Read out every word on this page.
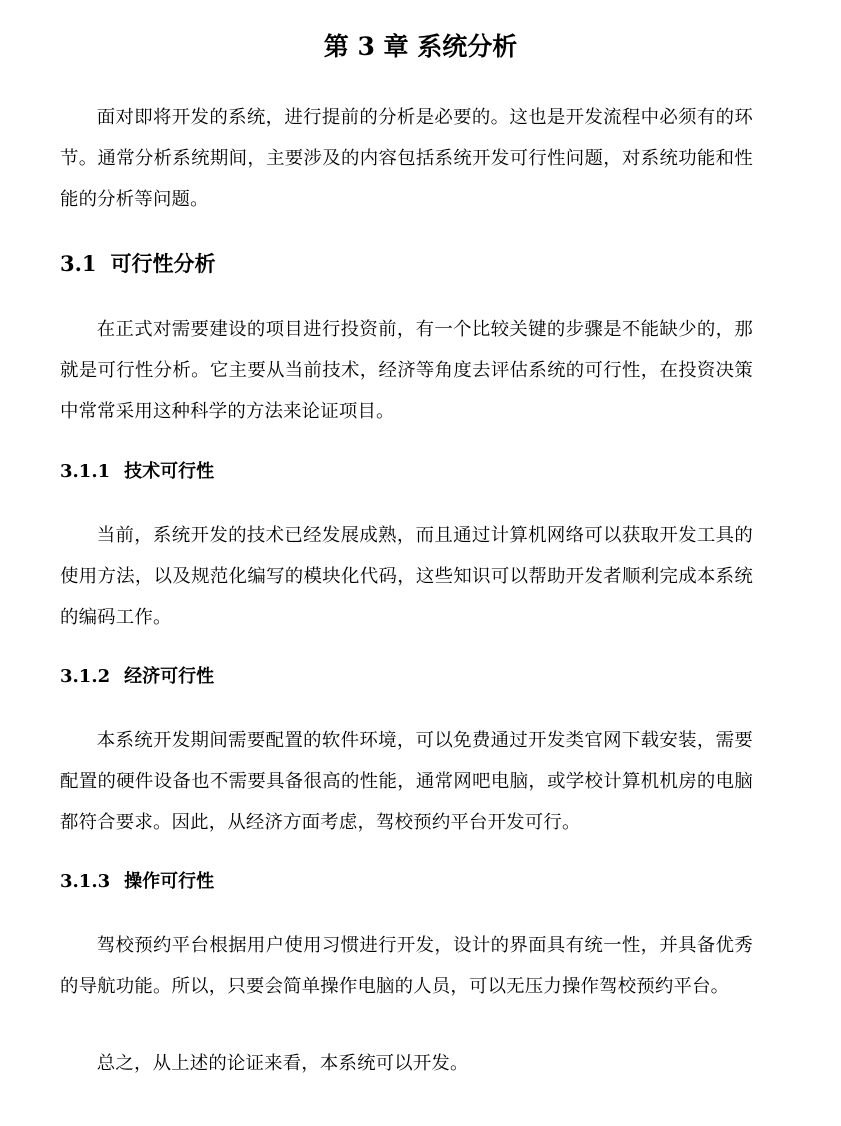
第 3 章 系统分析

面对即将开发的系统，进行提前的分析是必要的。这也是开发流程中必须有的环节。通常分析系统期间，主要涉及的内容包括系统开发可行性问题，对系统功能和性能的分析等问题。

3.1 可行性分析

在正式对需要建设的项目进行投资前，有一个比较关键的步骤是不能缺少的，那就是可行性分析。它主要从当前技术，经济等角度去评估系统的可行性，在投资决策中常常采用这种科学的方法来论证项目。

3.1.1 技术可行性

当前，系统开发的技术已经发展成熟，而且通过计算机网络可以获取开发工具的使用方法，以及规范化编写的模块化代码，这些知识可以帮助开发者顺利完成本系统的编码工作。

3.1.2 经济可行性

本系统开发期间需要配置的软件环境，可以免费通过开发类官网下载安装，需要配置的硬件设备也不需要具备很高的性能，通常网吧电脑，或学校计算机机房的电脑都符合要求。因此，从经济方面考虑，驾校预约平台开发可行。

3.1.3 操作可行性

驾校预约平台根据用户使用习惯进行开发，设计的界面具有统一性，并具备优秀的导航功能。所以，只要会简单操作电脑的人员，可以无压力操作驾校预约平台。

总之，从上述的论证来看，本系统可以开发。
